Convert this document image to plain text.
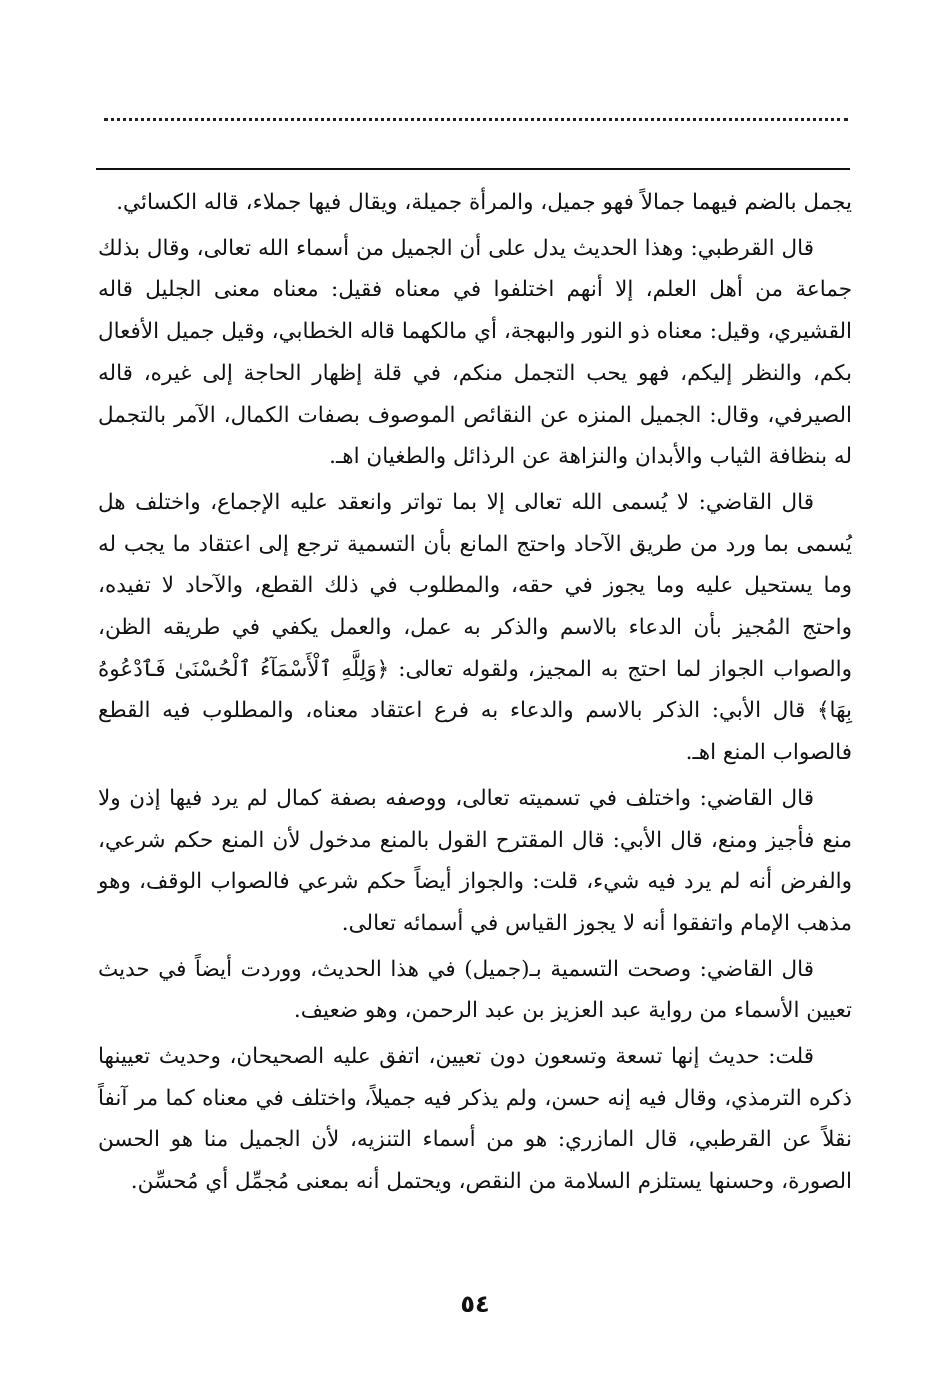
يجمل بالضم فيهما جمالاً فهو جميل، والمرأة جميلة، ويقال فيها جملاء، قاله الكسائي.

قال القرطبي: وهذا الحديث يدل على أن الجميل من أسماء الله تعالى، وقال بذلك جماعة من أهل العلم، إلا أنهم اختلفوا في معناه فقيل: معناه معنى الجليل قاله القشيري، وقيل: معناه ذو النور والبهجة، أي مالكهما قاله الخطابي، وقيل جميل الأفعال بكم، والنظر إليكم، فهو يحب التجمل منكم، في قلة إظهار الحاجة إلى غيره، قاله الصيرفي، وقال: الجميل المنزه عن النقائص الموصوف بصفات الكمال، الآمر بالتجمل له بنظافة الثياب والأبدان والنزاهة عن الرذائل والطغيان اهـ.

قال القاضي: لا يُسمى الله تعالى إلا بما تواتر وانعقد عليه الإجماع، واختلف هل يُسمى بما ورد من طريق الآحاد واحتج المانع بأن التسمية ترجع إلى اعتقاد ما يجب له وما يستحيل عليه وما يجوز في حقه، والمطلوب في ذلك القطع، والآحاد لا تفيده، واحتج المُجيز بأن الدعاء بالاسم والذكر به عمل، والعمل يكفي في طريقه الظن، والصواب الجواز لما احتج به المجيز، ولقوله تعالى: ﴿وَلِلَّهِ ٱلْأَسْمَآءُ ٱلْحُسْنَىٰ فَٱدْعُوهُ بِهَا﴾ قال الأبي: الذكر بالاسم والدعاء به فرع اعتقاد معناه، والمطلوب فيه القطع فالصواب المنع اهـ.

قال القاضي: واختلف في تسميته تعالى، ووصفه بصفة كمال لم يرد فيها إذن ولا منع فأجيز ومنع، قال الأبي: قال المقترح القول بالمنع مدخول لأن المنع حكم شرعي، والفرض أنه لم يرد فيه شيء، قلت: والجواز أيضاً حكم شرعي فالصواب الوقف، وهو مذهب الإمام واتفقوا أنه لا يجوز القياس في أسمائه تعالى.

قال القاضي: وصحت التسمية بـ(جميل) في هذا الحديث، ووردت أيضاً في حديث تعيين الأسماء من رواية عبد العزيز بن عبد الرحمن، وهو ضعيف.

قلت: حديث إنها تسعة وتسعون دون تعيين، اتفق عليه الصحيحان، وحديث تعيينها ذكره الترمذي، وقال فيه إنه حسن، ولم يذكر فيه جميلاً، واختلف في معناه كما مر آنفاً نقلاً عن القرطبي، قال المازري: هو من أسماء التنزيه، لأن الجميل منا هو الحسن الصورة، وحسنها يستلزم السلامة من النقص، ويحتمل أنه بمعنى مُجمِّل أي مُحسِّن.

٥٤
